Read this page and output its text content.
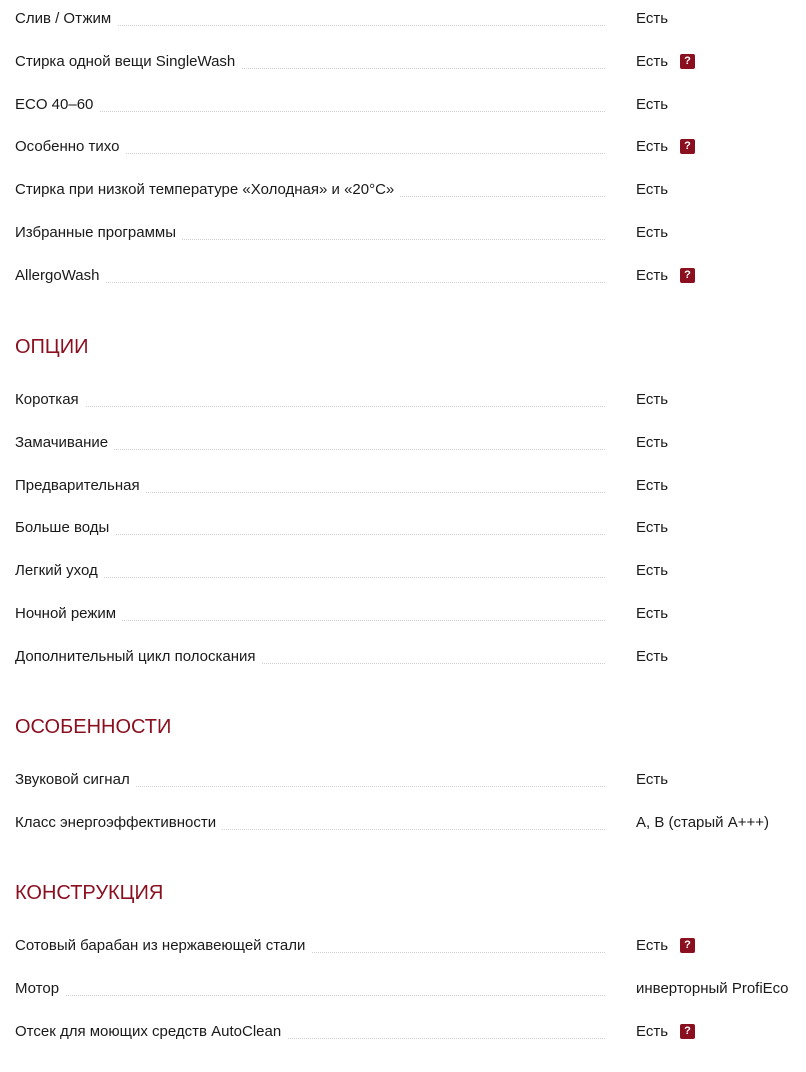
Слив / Отжим	Есть
Стирка одной вещи SingleWash	Есть	?
ECO 40–60	Есть
Особенно тихо	Есть	?
Стирка при низкой температуре «Холодная» и «20°С»	Есть
Избранные программы	Есть
AllergoWash	Есть	?
ОПЦИИ
Короткая	Есть
Замачивание	Есть
Предварительная	Есть
Больше воды	Есть
Легкий уход	Есть
Ночной режим	Есть
Дополнительный цикл полоскания	Есть
ОСОБЕННОСТИ
Звуковой сигнал	Есть
Класс энергоэффективности	A, B (старый A+++)
КОНСТРУКЦИЯ
Сотовый барабан из нержавеющей стали	Есть	?
Мотор	инверторный ProfiEco
Отсек для моющих средств AutoClean	Есть	?
